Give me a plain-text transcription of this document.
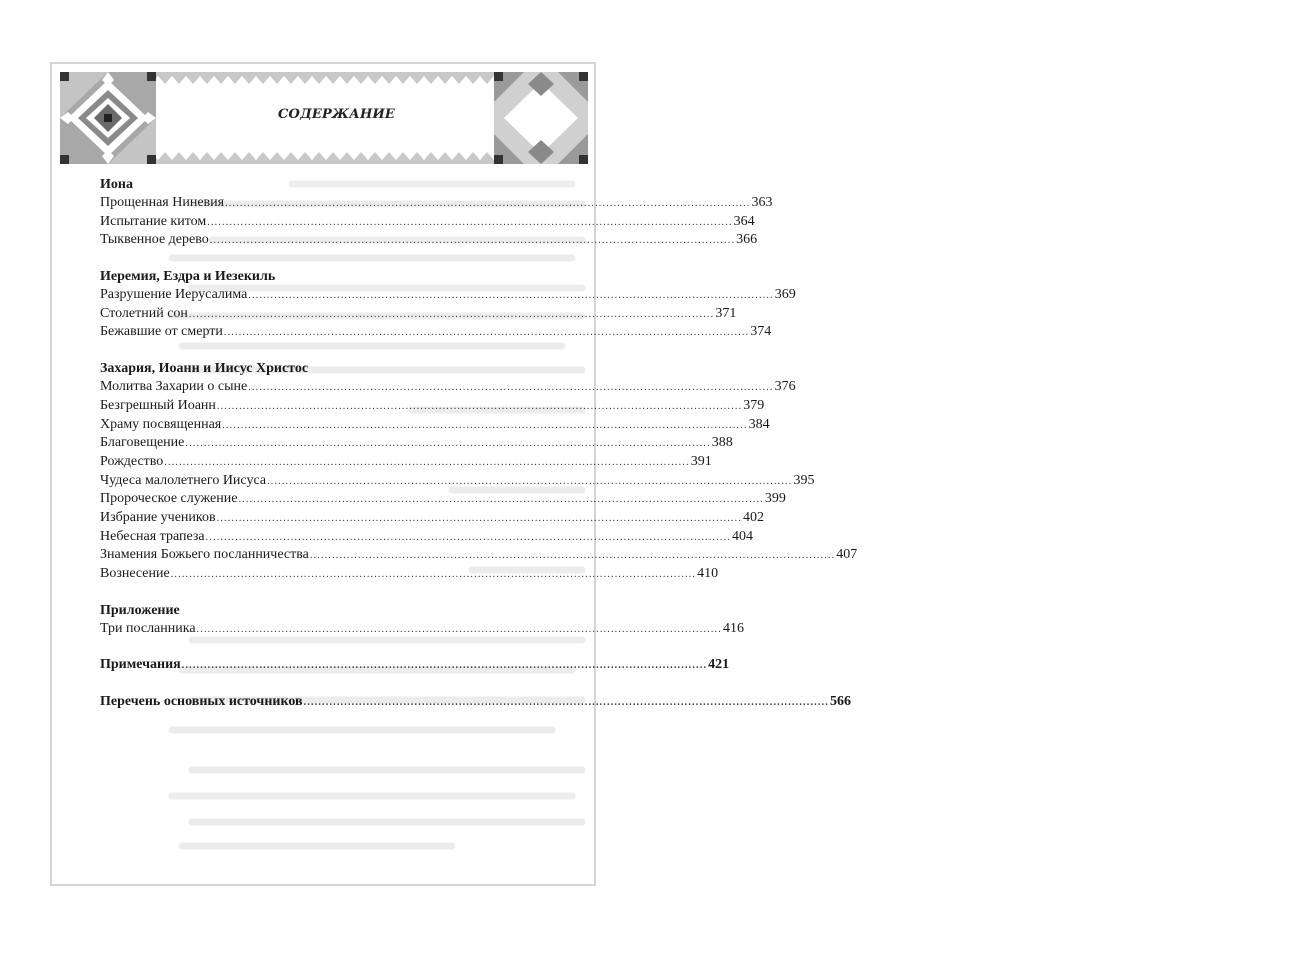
СОДЕРЖАНИЕ
Иона
Прощенная Ниневия .............................................................................................................................................. 363
Испытание китом .............................................................................................................................................. 364
Тыквенное дерево .............................................................................................................................................. 366
Иеремия, Ездра и Иезекиль
Разрушение Иерусалима .............................................................................................................................................. 369
Столетний сон .............................................................................................................................................. 371
Бежавшие от смерти .............................................................................................................................................. 374
Захария, Иоанн и Иисус Христос
Молитва Захарии о сыне .............................................................................................................................................. 376
Безгрешный Иоанн .............................................................................................................................................. 379
Храму посвященная .............................................................................................................................................. 384
Благовещение .............................................................................................................................................. 388
Рождество .............................................................................................................................................. 391
Чудеса малолетнего Иисуса .............................................................................................................................................. 395
Пророческое служение .............................................................................................................................................. 399
Избрание учеников .............................................................................................................................................. 402
Небесная трапеза .............................................................................................................................................. 404
Знамения Божьего посланничества .............................................................................................................................................. 407
Вознесение .............................................................................................................................................. 410
Приложение
Три посланника .............................................................................................................................................. 416
Примечания .............................................................................................................................................. 421
Перечень основных источников .............................................................................................................................................. 566
